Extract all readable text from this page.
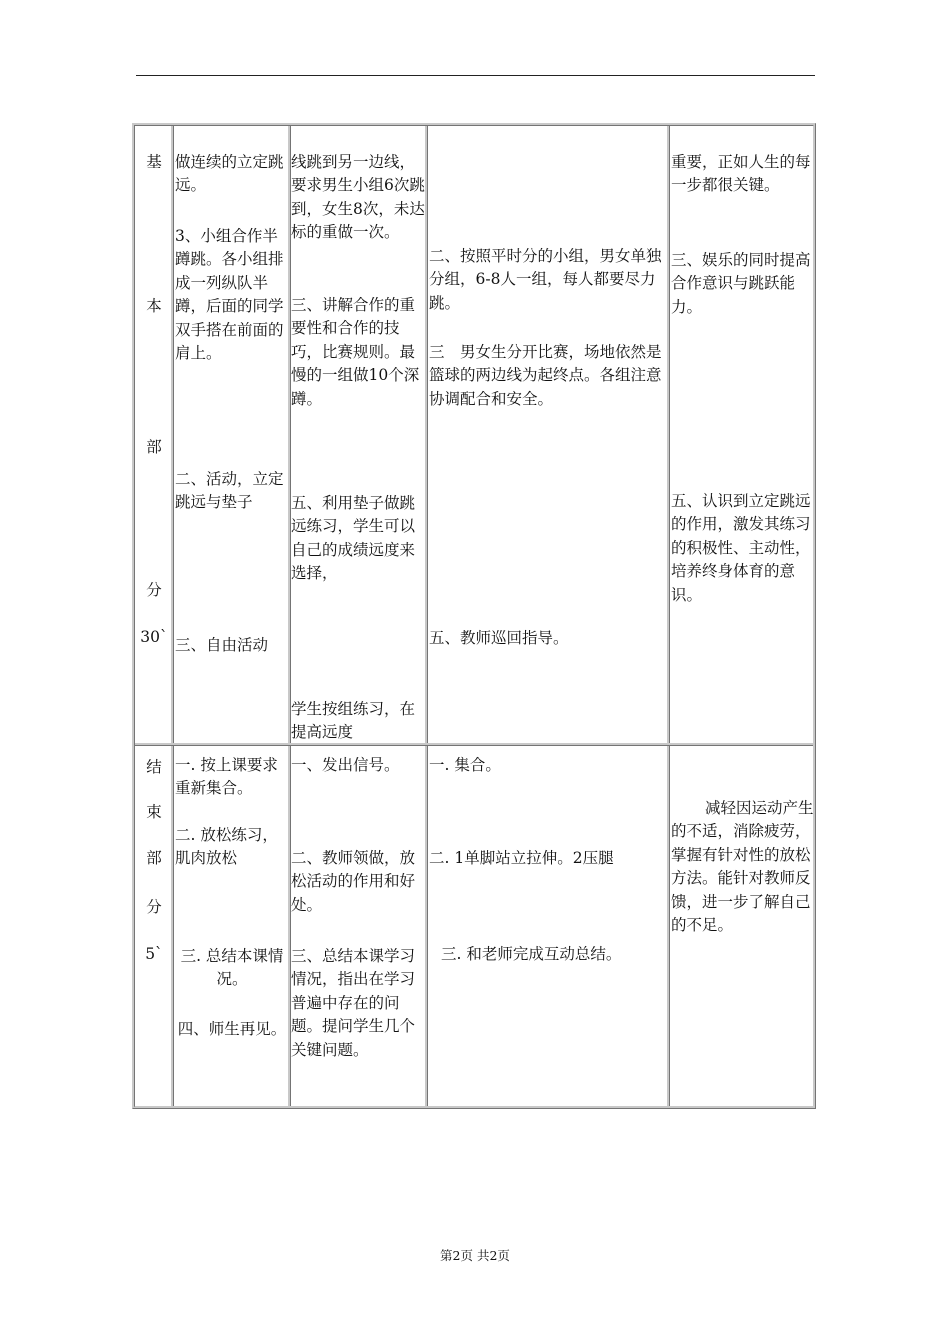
基
本
部
分
30`
做连续的立定跳远。
3、小组合作半蹲跳。各小组排成一列纵队半蹲，后面的同学双手搭在前面的肩上。
二、活动，立定跳远与垫子
三、自由活动
线跳到另一边线，要求男生小组6次跳到，女生8次，未达标的重做一次。
三、讲解合作的重要性和合作的技巧，比赛规则。最慢的一组做10个深蹲。
五、利用垫子做跳远练习，学生可以自己的成绩远度来选择，
学生按组练习，在提高远度
二、按照平时分的小组，男女单独分组，6-8人一组，每人都要尽力跳。
三　男女生分开比赛，场地依然是篮球的两边线为起终点。各组注意协调配合和安全。
五、教师巡回指导。
重要，正如人生的每一步都很关键。
三、娱乐的同时提高合作意识与跳跃能力。
五、认识到立定跳远的作用，激发其练习的积极性、主动性，培养终身体育的意识。
结
束
部
分
5`
一. 按上课要求重新集合。
二. 放松练习，肌肉放松
三. 总结本课情况。
四、师生再见。
一、发出信号。
二、教师领做，放松活动的作用和好处。
三、总结本课学习情况，指出在学习普遍中存在的问题。提问学生几个关键问题。
一. 集合。
二. 1单脚站立拉伸。2压腿
三. 和老师完成互动总结。
减轻因运动产生的不适，消除疲劳，掌握有针对性的放松方法。能针对教师反馈，进一步了解自己的不足。
第2页 共2页
